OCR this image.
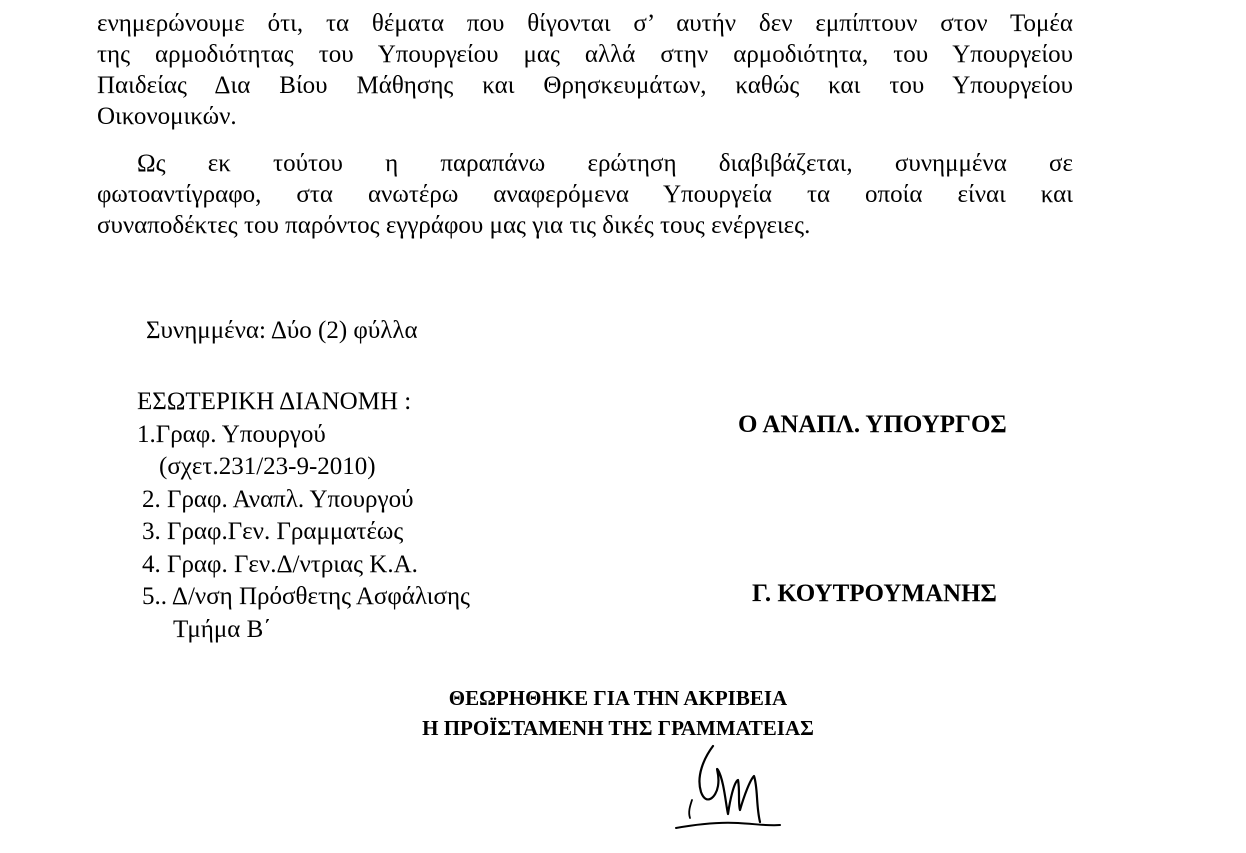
ενημερώνουμε ότι, τα θέματα που θίγονται σ’ αυτήν δεν εμπίπτουν στον Τομέα
της αρμοδιότητας του Υπουργείου μας αλλά στην αρμοδιότητα, του Υπουργείου
Παιδείας Δια Βίου Μάθησης και Θρησκευμάτων, καθώς και του Υπουργείου
Οικονομικών.
Ως εκ τούτου η παραπάνω ερώτηση διαβιβάζεται, συνημμένα σε
φωτοαντίγραφο, στα ανωτέρω αναφερόμενα Υπουργεία τα οποία είναι και
συναποδέκτες του παρόντος εγγράφου μας για τις δικές τους ενέργειες.
Συνημμένα: Δύο (2) φύλλα
ΕΣΩΤΕΡΙΚΗ ΔΙΑΝΟΜΗ :
1.Γραφ. Υπουργού
(σχετ.231/23-9-2010)
2. Γραφ. Αναπλ. Υπουργού
3. Γραφ.Γεν. Γραμματέως
4. Γραφ. Γεν.Δ/ντριας Κ.Α.
5.. Δ/νση Πρόσθετης Ασφάλισης
Τμήμα Β΄
Ο ΑΝΑΠΛ. ΥΠΟΥΡΓΟΣ
Γ. ΚΟΥΤΡΟΥΜΑΝΗΣ
ΘΕΩΡΗΘΗΚΕ ΓΙΑ ΤΗΝ ΑΚΡΙΒΕΙΑ
Η ΠΡΟΪΣΤΑΜΕΝΗ ΤΗΣ ΓΡΑΜΜΑΤΕΙΑΣ
